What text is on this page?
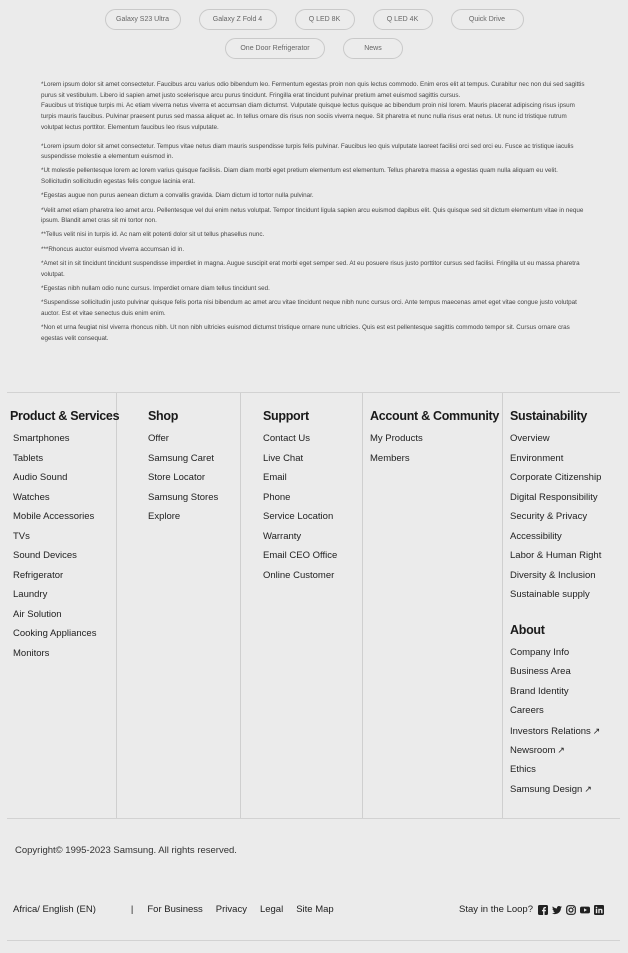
Galaxy S23 Ultra	Galaxy Z Fold 4	Q LED 8K	Q LED 4K	Quick Drive
One Door Refrigerator	News

*Lorem ipsum dolor sit amet consectetur. Faucibus arcu varius odio bibendum leo. Fermentum egestas proin non quis lectus commodo. Enim eros elit at tempus. Curabitur nec non dui sed sagittis purus sit vestibulum. Libero id sapien amet justo scelerisque arcu purus tincidunt. Fringilla erat tincidunt pulvinar pretium amet euismod sagittis cursus.

Faucibus ut tristique turpis mi. Ac etiam viverra netus viverra et accumsan diam dictumst. Vulputate quisque lectus quisque ac bibendum proin nisl lorem. Mauris placerat adipiscing risus ipsum turpis mauris faucibus. Pulvinar praesent purus sed massa aliquet ac. In tellus ornare dis risus non sociis viverra neque. Sit pharetra et nunc nulla risus erat netus. Ut nunc id tristique rutrum volutpat lectus porttitor. Elementum faucibus leo risus vulputate.

*Lorem ipsum dolor sit amet consectetur. Tempus vitae netus diam mauris suspendisse turpis felis pulvinar. Faucibus leo quis vulputate laoreet facilisi orci sed orci eu. Fusce ac tristique iaculis suspendisse molestie a elementum euismod in.

*Ut molestie pellentesque lorem ac lorem varius quisque facilisis. Diam diam morbi eget pretium elementum est elementum. Tellus pharetra massa a egestas quam nulla aliquam eu velit. Sollicitudin sollicitudin egestas felis congue lacinia erat.

*Egestas augue non purus aenean dictum a convallis gravida. Diam dictum id tortor nulla pulvinar.

*Velit amet etiam pharetra leo amet arcu. Pellentesque vel dui enim netus volutpat. Tempor tincidunt ligula sapien arcu euismod dapibus elit. Quis quisque sed sit dictum elementum vitae in neque ipsum. Blandit amet cras sit mi tortor non.

**Tellus velit nisi in turpis id. Ac nam elit potenti dolor sit ut tellus phasellus nunc.

***Rhoncus auctor euismod viverra accumsan id in.

*Amet sit in sit tincidunt tincidunt suspendisse imperdiet in magna. Augue suscipit erat morbi eget semper sed. At eu posuere risus justo porttitor cursus sed facilisi. Fringilla ut eu massa pharetra volutpat.

*Egestas nibh nullam odio nunc cursus. Imperdiet ornare diam tellus tincidunt sed.

*Suspendisse sollicitudin justo pulvinar quisque felis porta nisi bibendum ac amet arcu vitae tincidunt neque nibh nunc cursus orci. Ante tempus maecenas amet eget vitae congue justo volutpat auctor. Est et vitae senectus duis enim enim.

*Non et urna feugiat nisl viverra rhoncus nibh. Ut non nibh ultricies euismod dictumst tristique ornare nunc ultricies. Quis est est pellentesque sagittis commodo tempor sit. Cursus ornare cras egestas velit consequat.

Product & Services
Smartphones
Tablets
Audio Sound
Watches
Mobile Accessories
TVs
Sound Devices
Refrigerator
Laundry
Air Solution
Cooking Appliances
Monitors
Shop
Offer
Samsung Caret
Store Locator
Samsung Stores
Explore
Support
Contact Us
Live Chat
Email
Phone
Service Location
Warranty
Email CEO Office
Online Customer
Account & Community
My Products
Members
Sustainability
Overview
Environment
Corporate Citizenship
Digital Responsibility
Security & Privacy
Accessibility
Labor & Human Right
Diversity & Inclusion
Sustainable supply
About
Company Info
Business Area
Brand Identity
Careers
Investors Relations ↗
Newsroom ↗
Ethics
Samsung Design ↗
Copyright© 1995-2023 Samsung. All rights reserved.
Africa/ English (EN)	| For Business Privacy Legal Site Map	Stay in the Loop?
